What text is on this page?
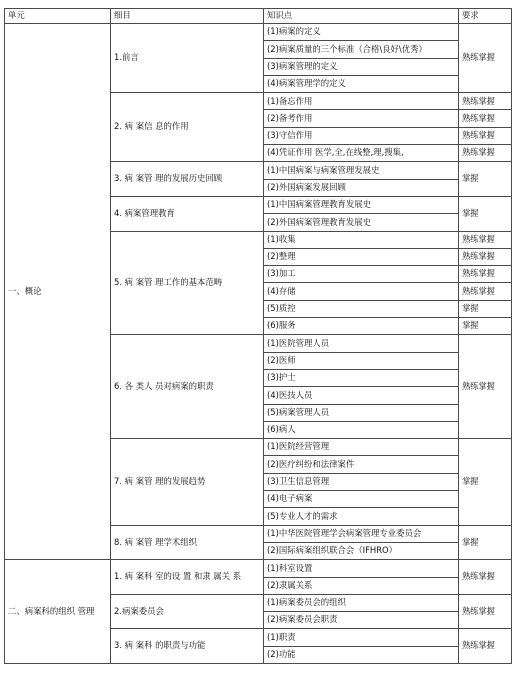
单元	细目	知识点	要求
一、概论	1.前言	(1)病案的定义	熟练掌握
		(2)病案质量的三个标准（合格\良好\优秀）	
		(3)病案管理的定义	
		(4)病案管理学的定义	
	2. 病 案信 息的作用	(1)备忘作用	熟练掌握
		(2)备考作用	熟练掌握
		(3)守信作用	熟练掌握
		(4)凭证作用 医学,全,在线整,理,搜集,	熟练掌握
	3. 病 案管 理的发展历史回顾	(1)中国病案与病案管理发展史	掌握
		(2)外国病案发展回顾	
	4. 病案管理教育	(1)中国病案管理教育发展史	掌握
		(2)外国病案管理教育发展史	
	5. 病 案管 理工作的基本范畴	(1)收集	熟练掌握
		(2)整理	熟练掌握
		(3)加工	熟练掌握
		(4)存储	熟练掌握
		(5)质控	掌握
		(6)服务	掌握
	6. 各 类人 员对病案的职责	(1)医院管理人员	熟练掌握
		(2)医师	
		(3)护士	
		(4)医技人员	
		(5)病案管理人员	
		(6)病人	
	7. 病 案管 理的发展趋势	(1)医院经营管理	掌握
		(2)医疗纠纷和法律案件	
		(3)卫生信息管理	
		(4)电子病案	
		(5)专业人才的需求	
	8. 病 案管 理学术组织	(1)中华医院管理学会病案管理专业委员会	掌握
		(2)国际病案组织联合会（IFHRO）	
二、病案科的组织 管理	1. 病 案科 室的设 置 和隶 属关 系	(1)科室设置	熟练掌握
		(2)隶属关系	
	2.病案委员会	(1)病案委员会的组织	熟练掌握
		(2)病案委员会职责	
	3. 病 案科 的职责与功能	(1)职责	熟练掌握
		(2)功能	
